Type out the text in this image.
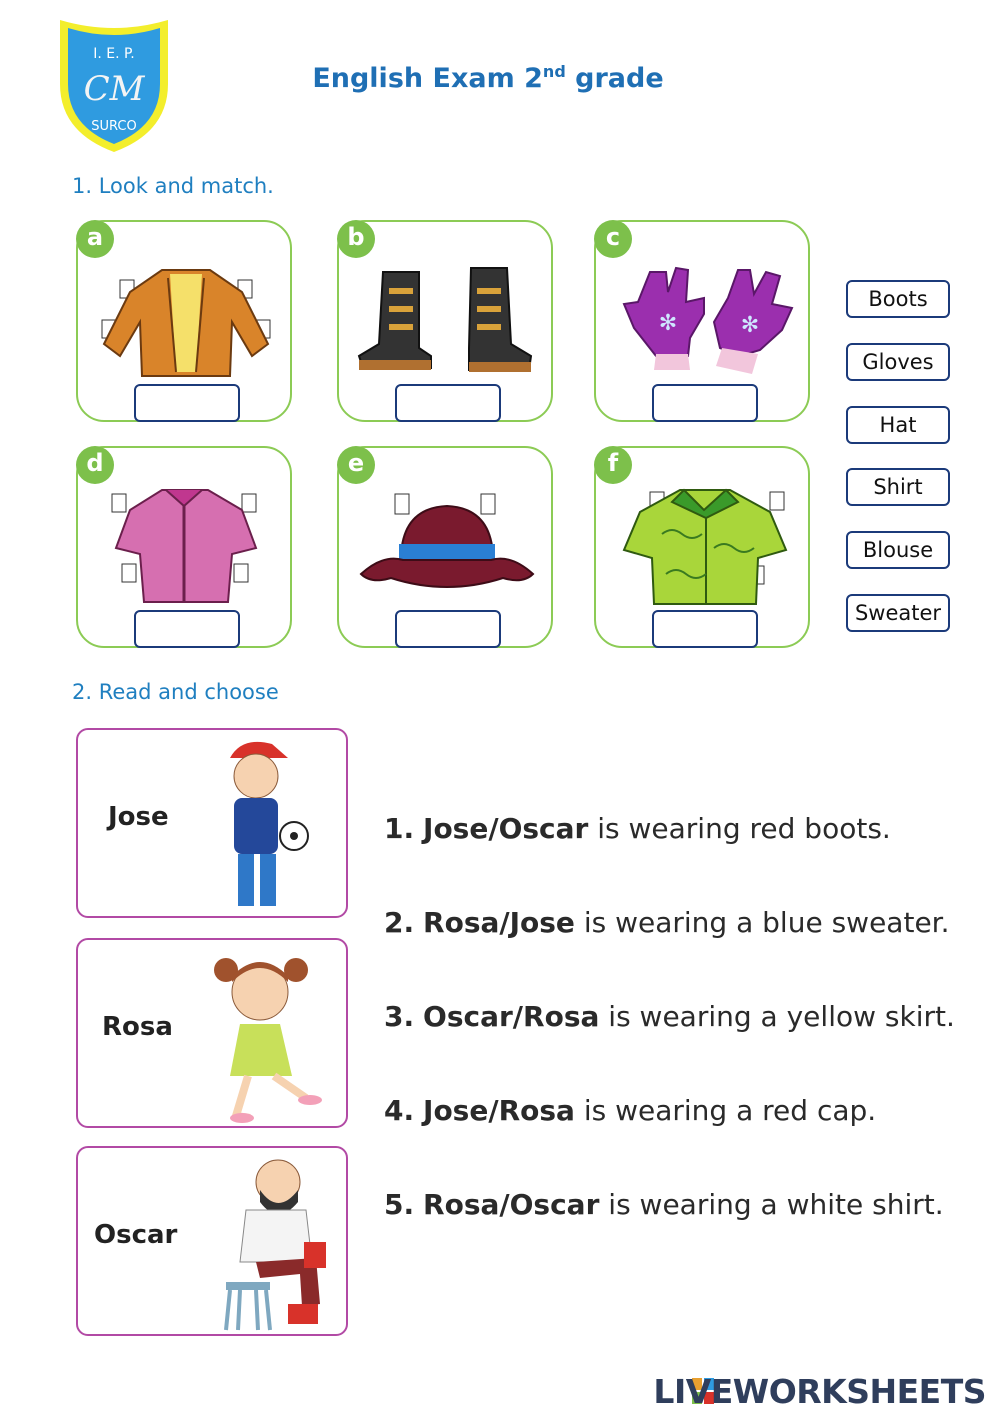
I. E. P.
CM
SURCO
English Exam 2nd grade
1. Look and match.
a	b	c
✻	✻
d	e	f
Boots
Gloves
Hat
Shirt
Blouse
Sweater
2. Read and choose
Jose
Rosa
Oscar
1. Jose/Oscar is wearing red boots.
2. Rosa/Jose is wearing a blue sweater.
3. Oscar/Rosa is wearing a yellow skirt.
4. Jose/Rosa is wearing a red cap.
5. Rosa/Oscar is wearing a white shirt.
LIVEWORKSHEETS
